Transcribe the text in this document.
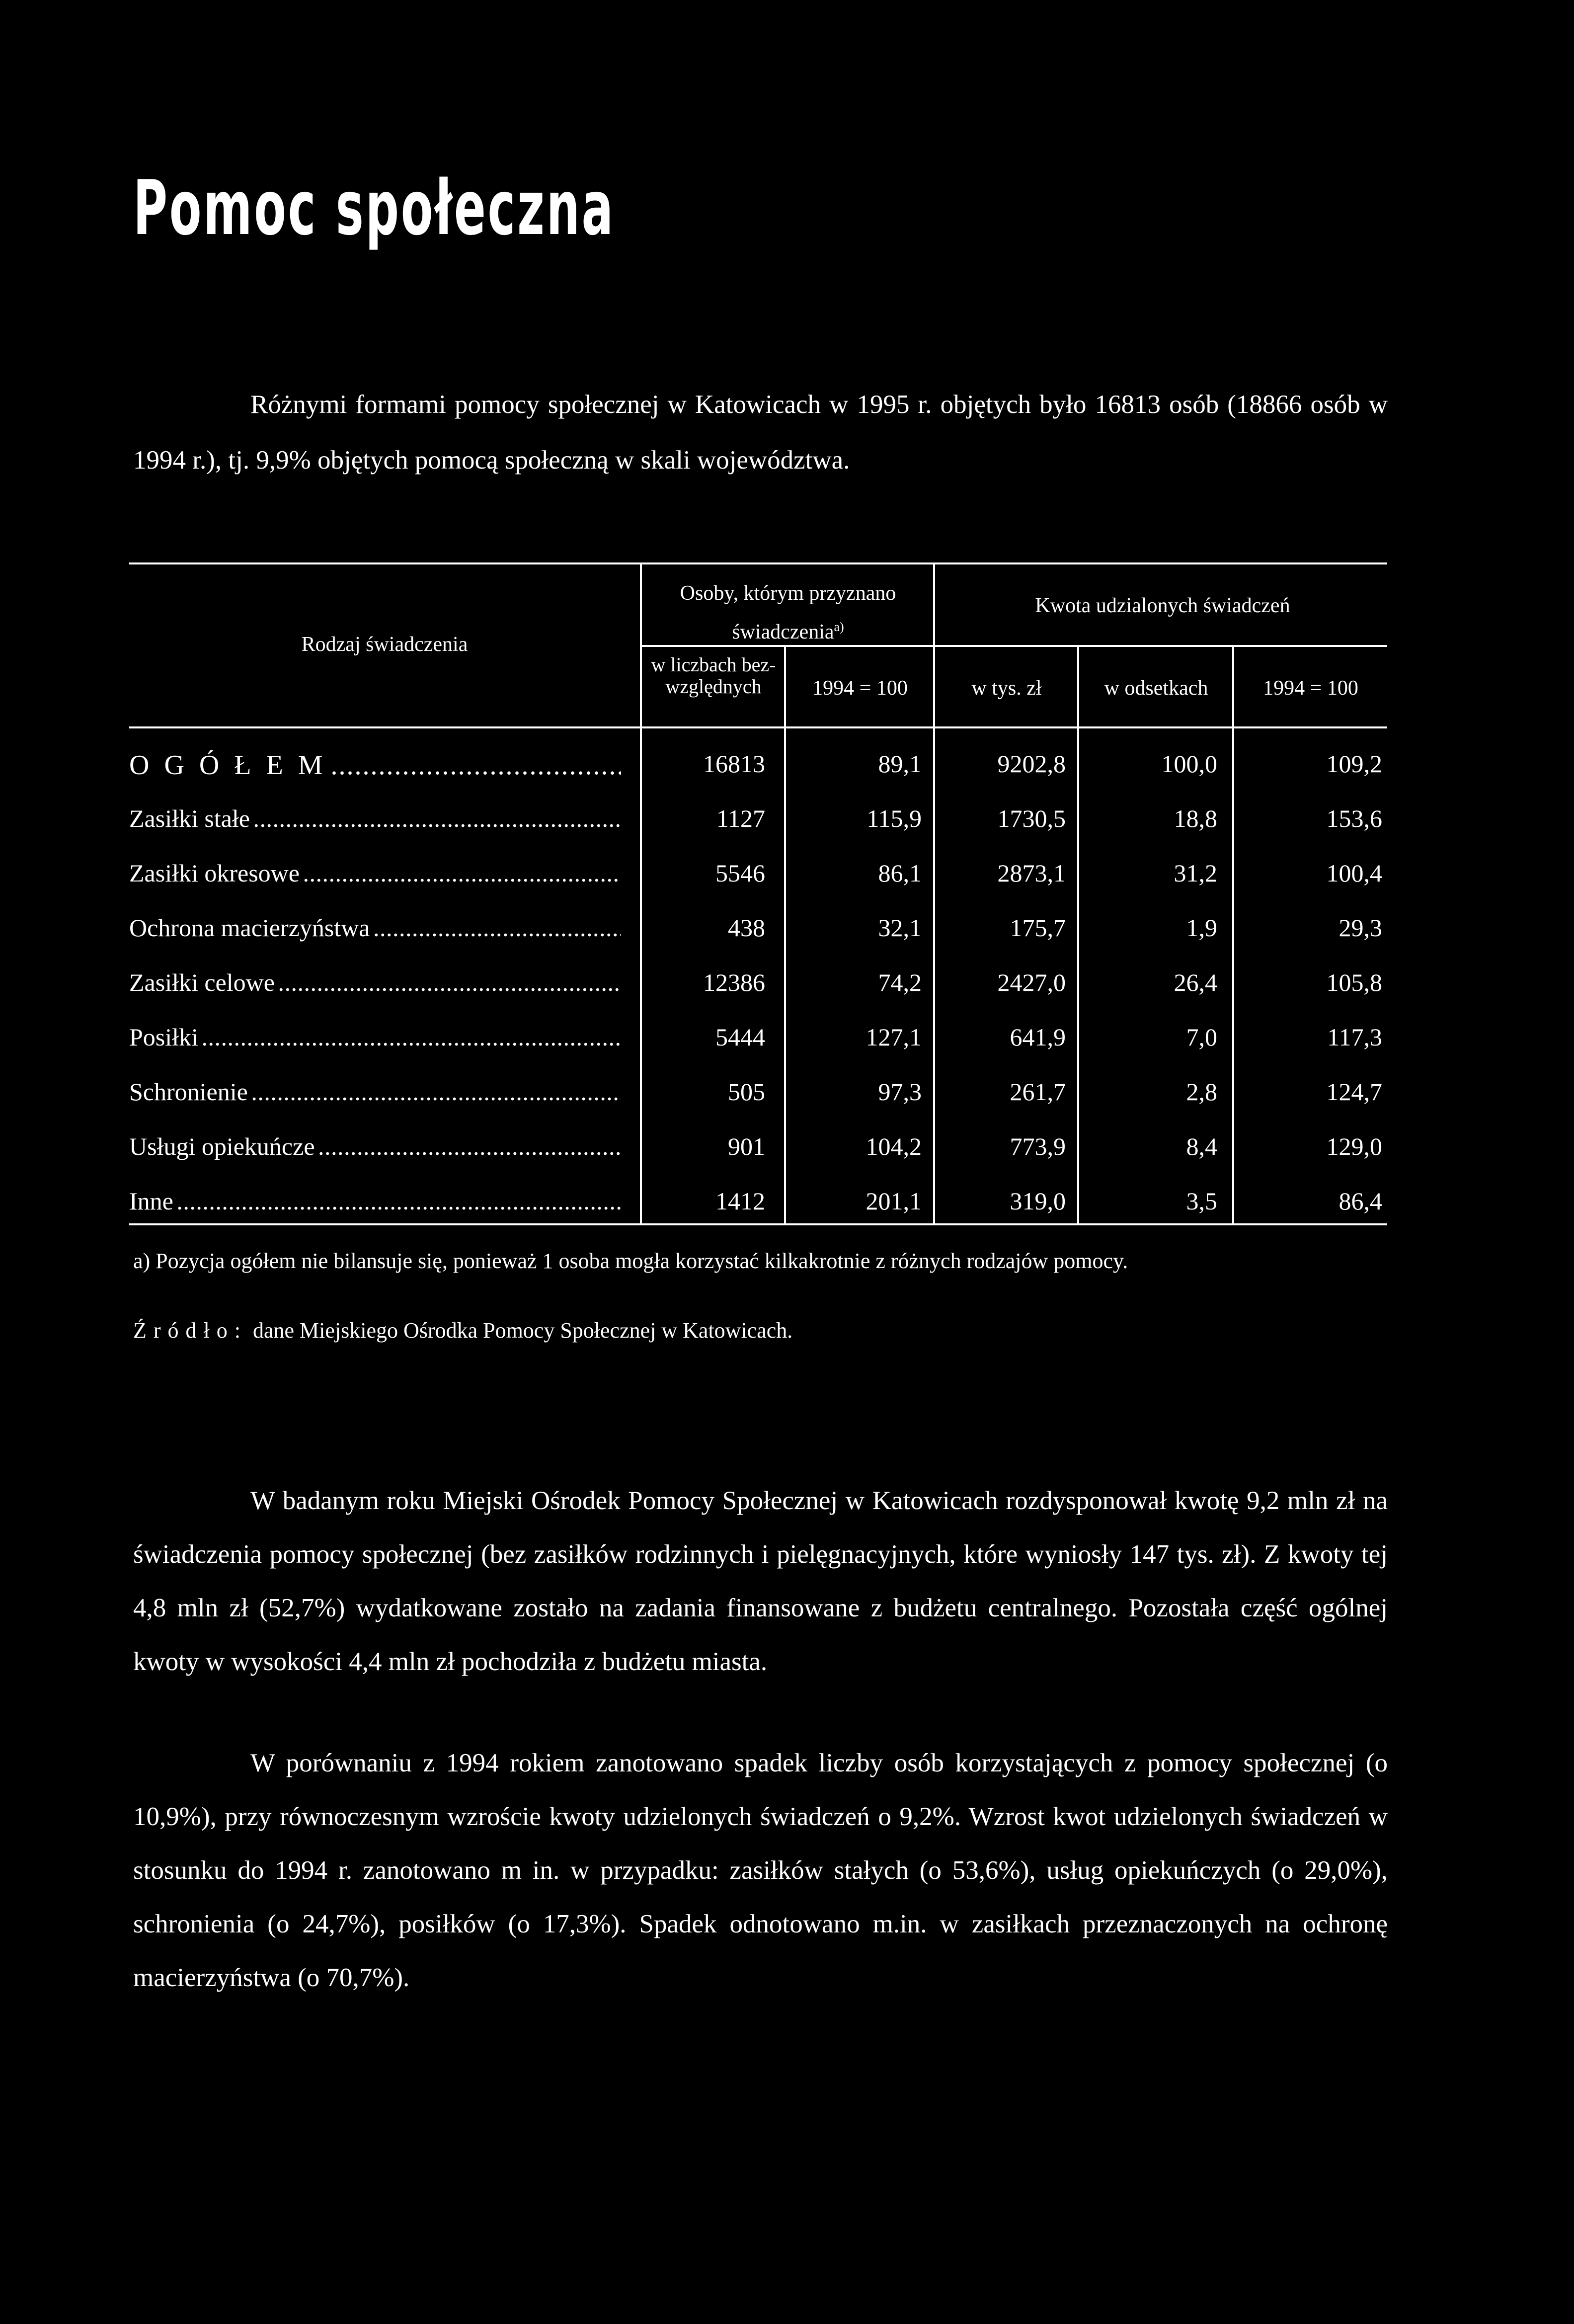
Pomoc społeczna

Różnymi formami pomocy społecznej w Katowicach w 1995 r. objętych było 16813 osób (18866 osób w 1994 r.), tj. 9,9% objętych pomocą społeczną w skali województwa.

Rodzaj świadczenia
Osoby, którym przyznano świadczenia$^{a)}$
Kwota udzialonych świadczeń
w liczbach bez-względnych	1994 = 100	w tys. zł	w odsetkach	1994 = 100
O G Ó Ł E M . . .	16813	89,1	9202,8	100,0	109,2
Zasiłki stałe . . .	1127	115,9	1730,5	18,8	153,6
Zasiłki okresowe . . .	5546	86,1	2873,1	31,2	100,4
Ochrona macierzyństwa . . .	438	32,1	175,7	1,9	29,3
Zasiłki celowe . . .	12386	74,2	2427,0	26,4	105,8
Posiłki . . .	5444	127,1	641,9	7,0	117,3
Schronienie . . .	505	97,3	261,7	2,8	124,7
Usługi opiekuńcze . . .	901	104,2	773,9	8,4	129,0
Inne . . .	1412	201,1	319,0	3,5	86,4
a) Pozycja ogółem nie bilansuje się, ponieważ 1 osoba mogła korzystać kilkakrotnie z różnych rodzajów pomocy.
Źródło: dane Miejskiego Ośrodka Pomocy Społecznej w Katowicach.

W badanym roku Miejski Ośrodek Pomocy Społecznej w Katowicach rozdysponował kwotę 9,2 mln zł na świadczenia pomocy społecznej (bez zasiłków rodzinnych i pielęgnacyjnych, które wyniosły 147 tys. zł). Z kwoty tej 4,8 mln zł (52,7%) wydatkowane zostało na zadania finansowane z budżetu centralnego. Pozostała część ogólnej kwoty w wysokości 4,4 mln zł pochodziła z budżetu miasta.

W porównaniu z 1994 rokiem zanotowano spadek liczby osób korzystających z pomocy społecznej (o 10,9%), przy równoczesnym wzroście kwoty udzielonych świadczeń o 9,2%. Wzrost kwot udzielonych świadczeń w stosunku do 1994 r. zanotowano m in. w przypadku: zasiłków stałych (o 53,6%), usług opiekuńczych (o 29,0%), schronienia (o 24,7%), posiłków (o 17,3%). Spadek odnotowano m.in. w zasiłkach przeznaczonych na ochronę macierzyństwa (o 70,7%).
